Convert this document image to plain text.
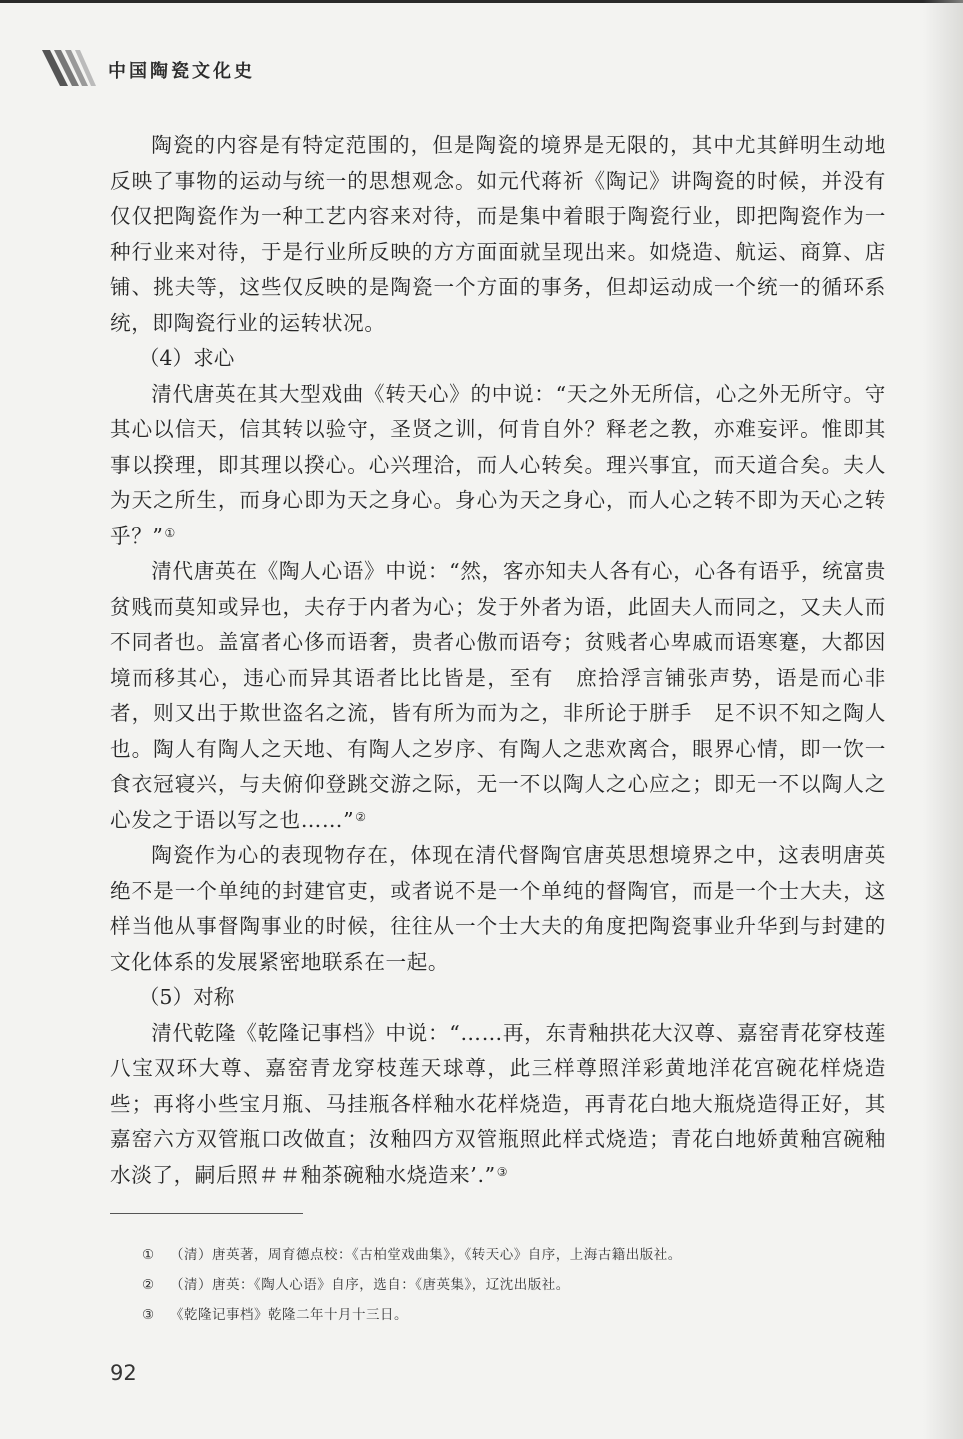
中国陶瓷文化史

陶瓷的内容是有特定范围的，但是陶瓷的境界是无限的，其中尤其鲜明生动地反映了事物的运动与统一的思想观念。如元代蒋祈《陶记》讲陶瓷的时候，并没有仅仅把陶瓷作为一种工艺内容来对待，而是集中着眼于陶瓷行业，即把陶瓷作为一种行业来对待，于是行业所反映的方方面面就呈现出来。如烧造、航运、商算、店铺、挑夫等，这些仅反映的是陶瓷一个方面的事务，但却运动成一个统一的循环系统，即陶瓷行业的运转状况。

（4）求心

清代唐英在其大型戏曲《转天心》的中说：“天之外无所信，心之外无所守。守其心以信天，信其转以验守，圣贤之训，何肯自外？释老之教，亦难妄评。惟即其事以揆理，即其理以揆心。心兴理洽，而人心转矣。理兴事宜，而天道合矣。夫人为天之所生，而身心即为天之身心。身心为天之身心，而人心之转不即为天心之转乎？”①

清代唐英在《陶人心语》中说：“然，客亦知夫人各有心，心各有语乎，统富贵贫贱而莫知或异也，夫存于内者为心；发于外者为语，此固夫人而同之，又夫人而不同者也。盖富者心侈而语奢，贵者心傲而语夸；贫贱者心卑戚而语寒蹇，大都因境而移其心，违心而异其语者比比皆是，至有　庶拾浮言铺张声势，语是而心非者，则又出于欺世盗名之流，皆有所为而为之，非所论于胼手　足不识不知之陶人也。陶人有陶人之天地、有陶人之岁序、有陶人之悲欢离合，眼界心情，即一饮一食衣冠寝兴，与夫俯仰登跳交游之际，无一不以陶人之心应之；即无一不以陶人之心发之于语以写之也……”②

陶瓷作为心的表现物存在，体现在清代督陶官唐英思想境界之中，这表明唐英绝不是一个单纯的封建官吏，或者说不是一个单纯的督陶官，而是一个士大夫，这样当他从事督陶事业的时候，往往从一个士大夫的角度把陶瓷事业升华到与封建的文化体系的发展紧密地联系在一起。

（5）对称

清代乾隆《乾隆记事档》中说：“……再，东青釉拱花大汉尊、嘉窑青花穿枝莲八宝双环大尊、嘉窑青龙穿枝莲天球尊，此三样尊照洋彩黄地洋花宫碗花样烧造些；再将小些宝月瓶、马挂瓶各样釉水花样烧造，再青花白地大瓶烧造得正好，其嘉窑六方双管瓶口改做直；汝釉四方双管瓶照此样式烧造；青花白地娇黄釉宫碗釉水淡了，嗣后照＃＃釉茶碗釉水烧造来’.”③

① （清）唐英著，周育德点校：《古柏堂戏曲集》，《转天心》自序，上海古籍出版社。
② （清）唐英：《陶人心语》自序，选自：《唐英集》，辽沈出版社。
③ 《乾隆记事档》乾隆二年十月十三日。
92
